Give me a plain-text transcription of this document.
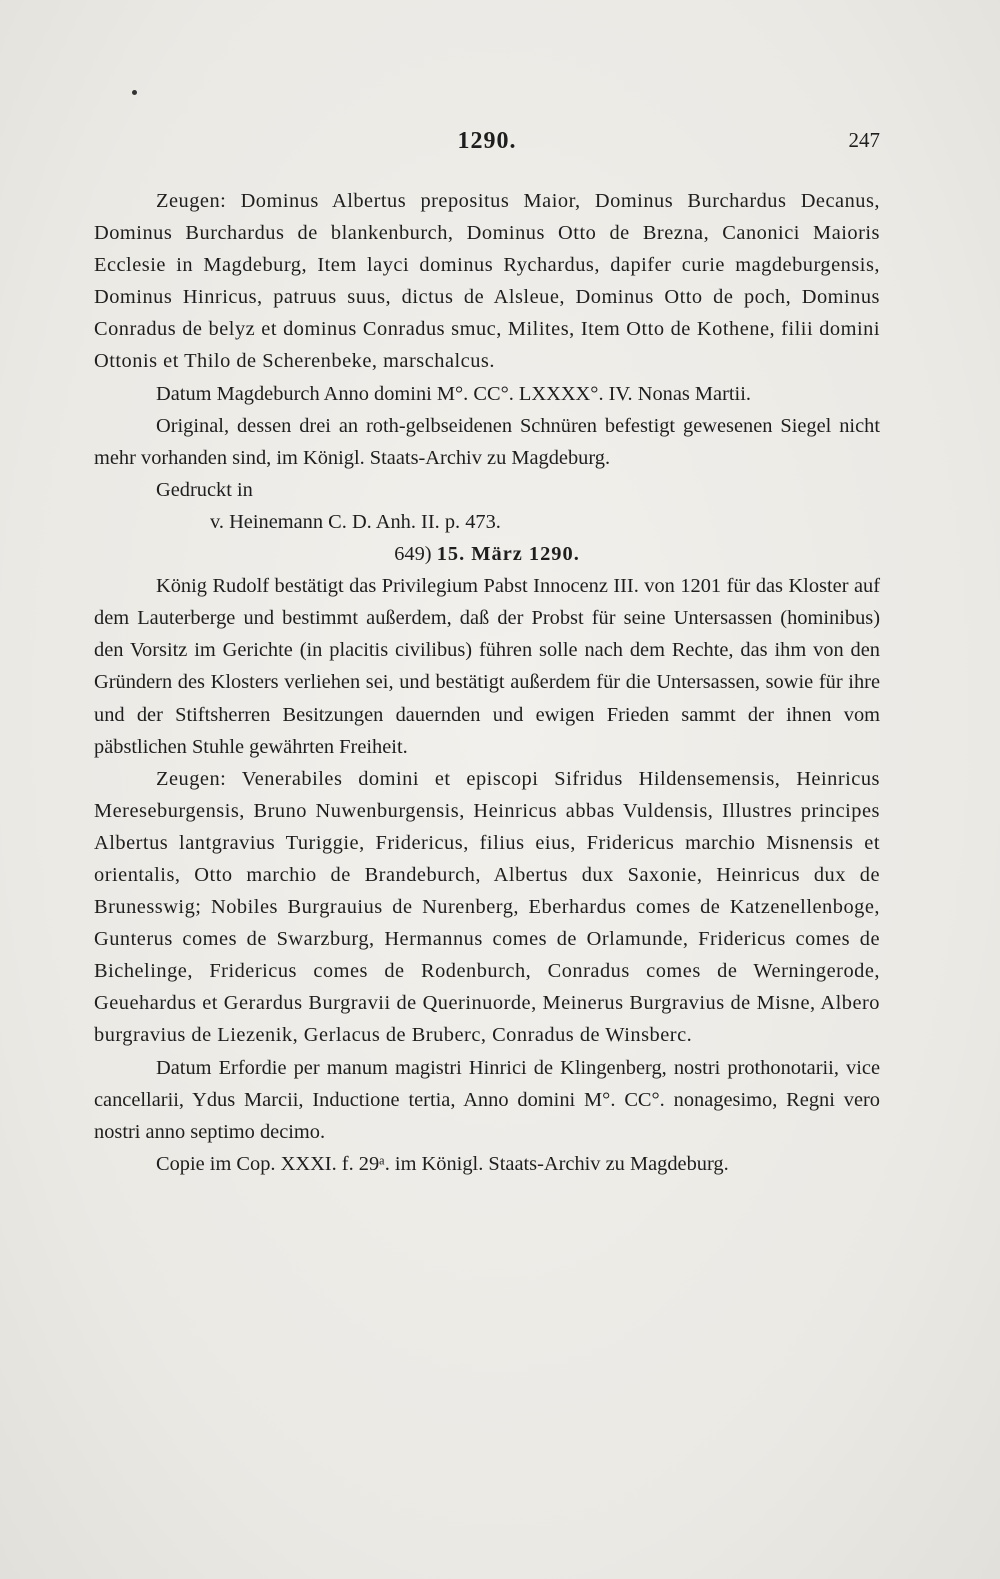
1290.	247

Zeugen: Dominus Albertus prepositus Maior, Dominus Burchardus Decanus, Dominus Burchardus de blankenburch, Dominus Otto de Brezna, Canonici Maioris Ecclesie in Magdeburg, Item layci dominus Rychardus, dapifer curie magdeburgensis, Dominus Hinricus, patruus suus, dictus de Alsleue, Dominus Otto de poch, Dominus Conradus de belyz et dominus Conradus smuc, Milites, Item Otto de Kothene, filii domini Ottonis et Thilo de Scherenbeke, marschalcus.

Datum Magdeburch Anno domini M°. CC°. LXXXX°. IV. Nonas Martii.

Original, dessen drei an roth-gelbseidenen Schnüren befestigt gewesenen Siegel nicht mehr vorhanden sind, im Königl. Staats-Archiv zu Magdeburg.

Gedruckt in

v. Heinemann C. D. Anh. II. p. 473.

649) 15. März 1290.

König Rudolf bestätigt das Privilegium Pabst Innocenz III. von 1201 für das Kloster auf dem Lauterberge und bestimmt außerdem, daß der Probst für seine Untersassen (hominibus) den Vorsitz im Gerichte (in placitis civilibus) führen solle nach dem Rechte, das ihm von den Gründern des Klosters verliehen sei, und bestätigt außerdem für die Untersassen, sowie für ihre und der Stiftsherren Besitzungen dauernden und ewigen Frieden sammt der ihnen vom päbstlichen Stuhle gewährten Freiheit.

Zeugen: Venerabiles domini et episcopi Sifridus Hildensemensis, Heinricus Mereseburgensis, Bruno Nuwenburgensis, Heinricus abbas Vuldensis, Illustres principes Albertus lantgravius Turiggie, Fridericus, filius eius, Fridericus marchio Misnensis et orientalis, Otto marchio de Brandeburch, Albertus dux Saxonie, Heinricus dux de Brunesswig; Nobiles Burgrauius de Nurenberg, Eberhardus comes de Katzenellenboge, Gunterus comes de Swarzburg, Hermannus comes de Orlamunde, Fridericus comes de Bichelinge, Fridericus comes de Rodenburch, Conradus comes de Werningerode, Geuehardus et Gerardus Burgravii de Querinuorde, Meinerus Burgravius de Misne, Albero burgravius de Liezenik, Gerlacus de Bruberc, Conradus de Winsberc.

Datum Erfordie per manum magistri Hinrici de Klingenberg, nostri prothonotarii, vice cancellarii, Ydus Marcii, Inductione tertia, Anno domini M°. CC°. nonagesimo, Regni vero nostri anno septimo decimo.

Copie im Cop. XXXI. f. 29ᵃ. im Königl. Staats-Archiv zu Magdeburg.
